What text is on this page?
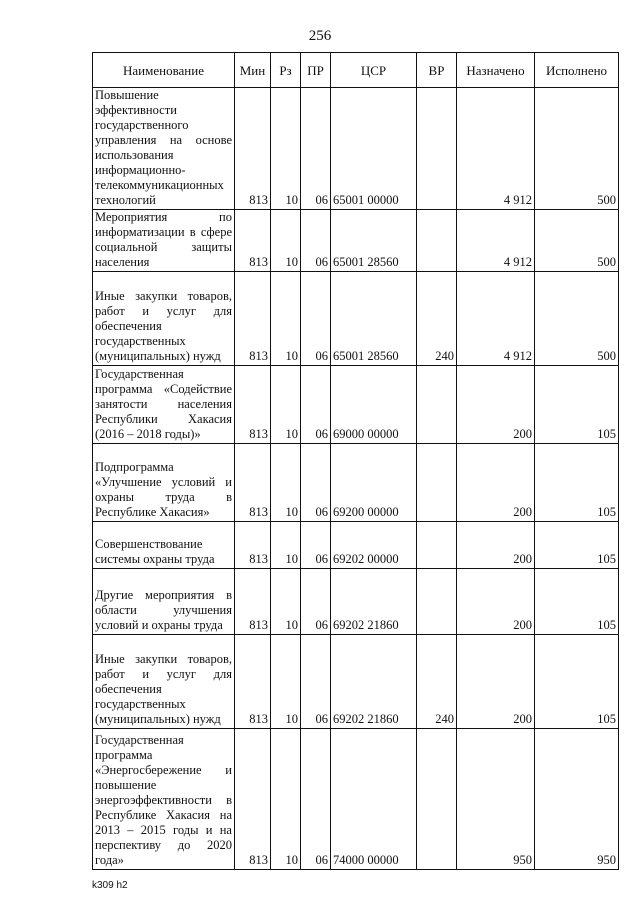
256
Наименование	Мин	Рз	ПР	ЦСР	ВР	Назначено	Исполнено
Повышение эффективности государственного управления на основе использования информационно-телекоммуникационных технологий	813	10	06	65001 00000		4 912	500
Мероприятия по информатизации в сфере социальной защиты населения	813	10	06	65001 28560		4 912	500
Иные закупки товаров, работ и услуг для обеспечения государственных (муниципальных) нужд	813	10	06	65001 28560	240	4 912	500
Государственная программа «Содействие занятости населения Республики Хакасия (2016 – 2018 годы)»	813	10	06	69000 00000		200	105
Подпрограмма «Улучшение условий и охраны труда в Республике Хакасия»	813	10	06	69200 00000		200	105
Совершенствование системы охраны труда	813	10	06	69202 00000		200	105
Другие мероприятия в области улучшения условий и охраны труда	813	10	06	69202 21860		200	105
Иные закупки товаров, работ и услуг для обеспечения государственных (муниципальных) нужд	813	10	06	69202 21860	240	200	105
Государственная программа «Энергосбережение и повышение энергоэффективности в Республике Хакасия на 2013 – 2015 годы и на перспективу до 2020 года»	813	10	06	74000 00000		950	950
k309 h2
